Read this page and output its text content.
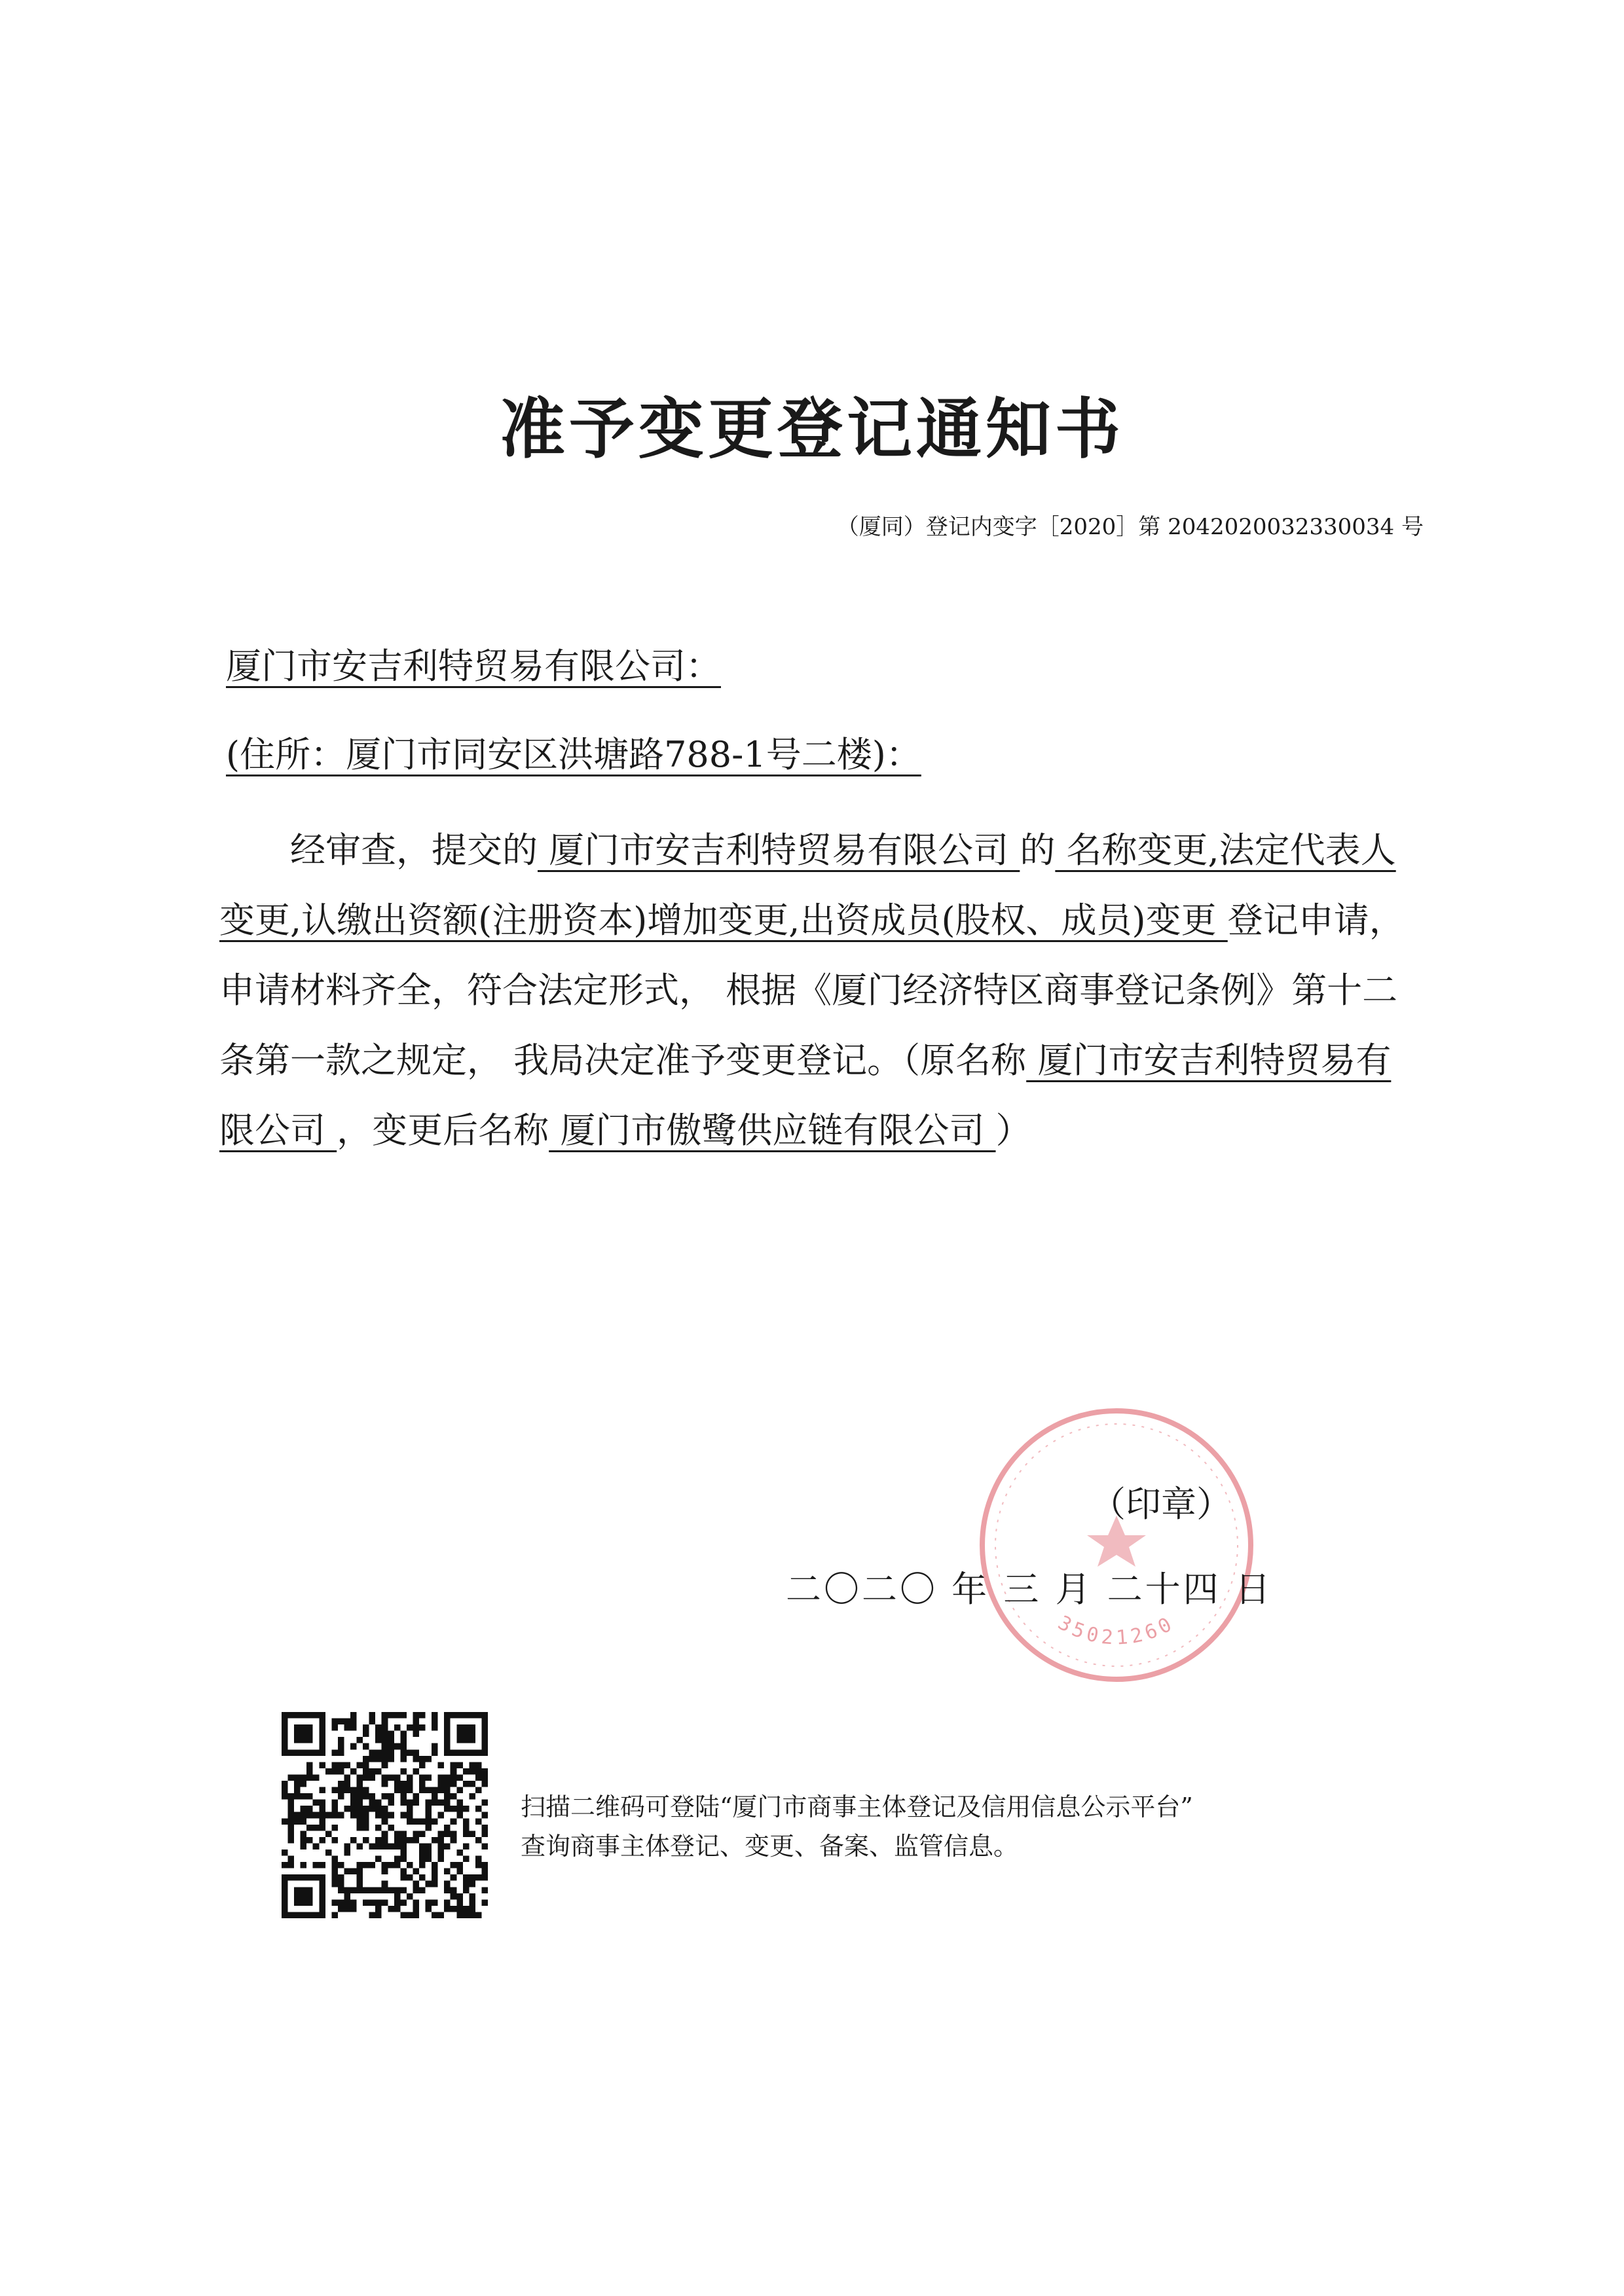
准予变更登记通知书
（厦同）登记内变字［2020］第 2042020032330034 号
厦门市安吉利特贸易有限公司：
(住所：厦门市同安区洪塘路788-1号二楼)：

经审查，提交的 厦门市安吉利特贸易有限公司 的 名称变更,法定代表人变更,认缴出资额(注册资本)增加变更,出资成员(股权、成员)变更 登记申请，申请材料齐全，符合法定形式， 根据《厦门经济特区商事登记条例》第十二条第一款之规定， 我局决定准予变更登记。（原名称 厦门市安吉利特贸易有限公司 ，变更后名称 厦门市傲鹭供应链有限公司 ）

35021260
（印章）
二〇二〇 年 三 月 二十四 日
扫描二维码可登陆“厦门市商事主体登记及信用信息公示平台”
查询商事主体登记、变更、备案、监管信息。
